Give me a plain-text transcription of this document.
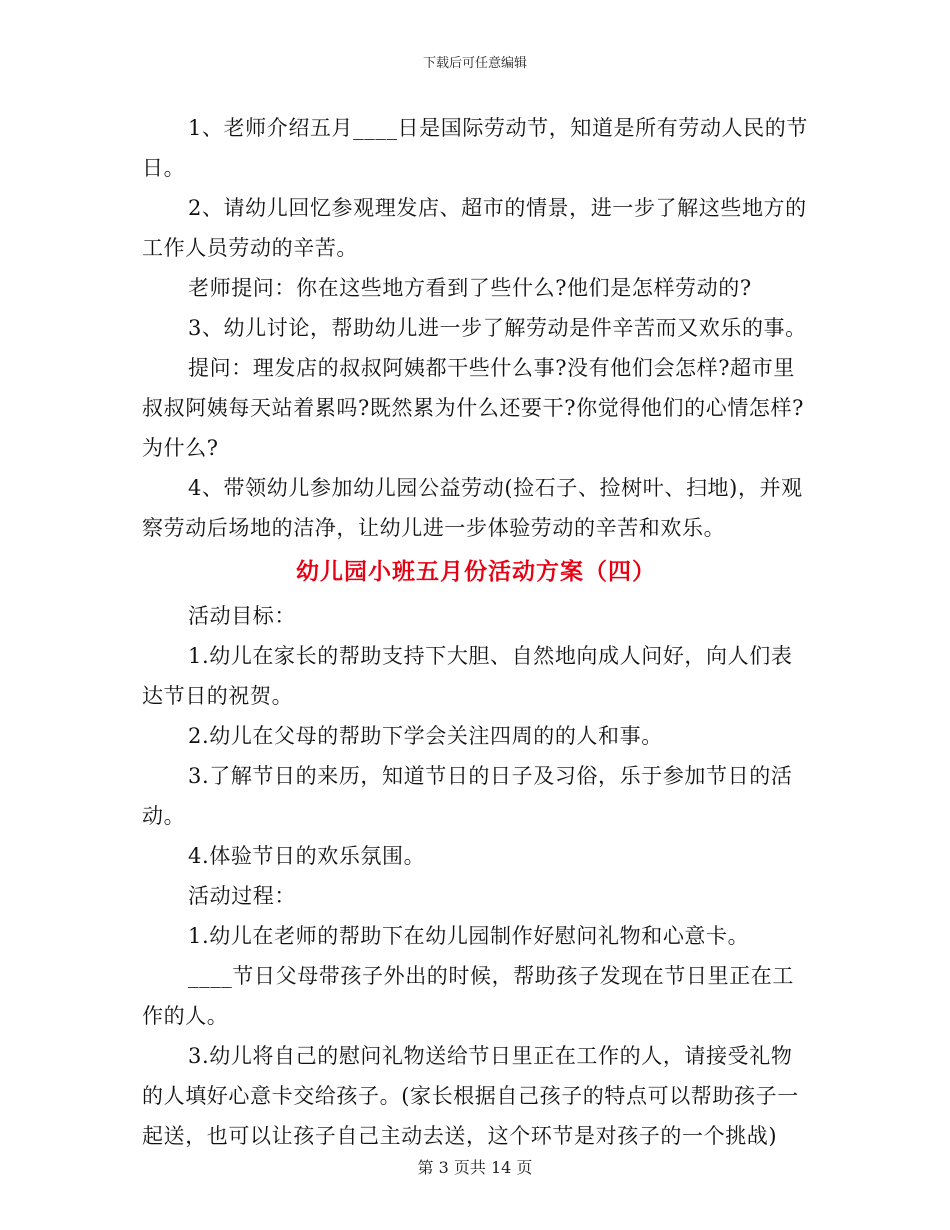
下载后可任意编辑
1、老师介绍五月____日是国际劳动节，知道是所有劳动人民的节
日。
2、请幼儿回忆参观理发店、超市的情景，进一步了解这些地方的
工作人员劳动的辛苦。
老师提问：你在这些地方看到了些什么?他们是怎样劳动的?
3、幼儿讨论，帮助幼儿进一步了解劳动是件辛苦而又欢乐的事。
提问：理发店的叔叔阿姨都干些什么事?没有他们会怎样?超市里
叔叔阿姨每天站着累吗?既然累为什么还要干?你觉得他们的心情怎样?
为什么?
4、带领幼儿参加幼儿园公益劳动(捡石子、捡树叶、扫地)，并观
察劳动后场地的洁净，让幼儿进一步体验劳动的辛苦和欢乐。
幼儿园小班五月份活动方案（四）
活动目标：
1.幼儿在家长的帮助支持下大胆、自然地向成人问好，向人们表
达节日的祝贺。
2.幼儿在父母的帮助下学会关注四周的的人和事。
3.了解节日的来历，知道节日的日子及习俗，乐于参加节日的活
动。
4.体验节日的欢乐氛围。
活动过程：
1.幼儿在老师的帮助下在幼儿园制作好慰问礼物和心意卡。
____节日父母带孩子外出的时候，帮助孩子发现在节日里正在工
作的人。
3.幼儿将自己的慰问礼物送给节日里正在工作的人，请接受礼物
的人填好心意卡交给孩子。(家长根据自己孩子的特点可以帮助孩子一
起送，也可以让孩子自己主动去送，这个环节是对孩子的一个挑战)
第 3 页共 14 页
